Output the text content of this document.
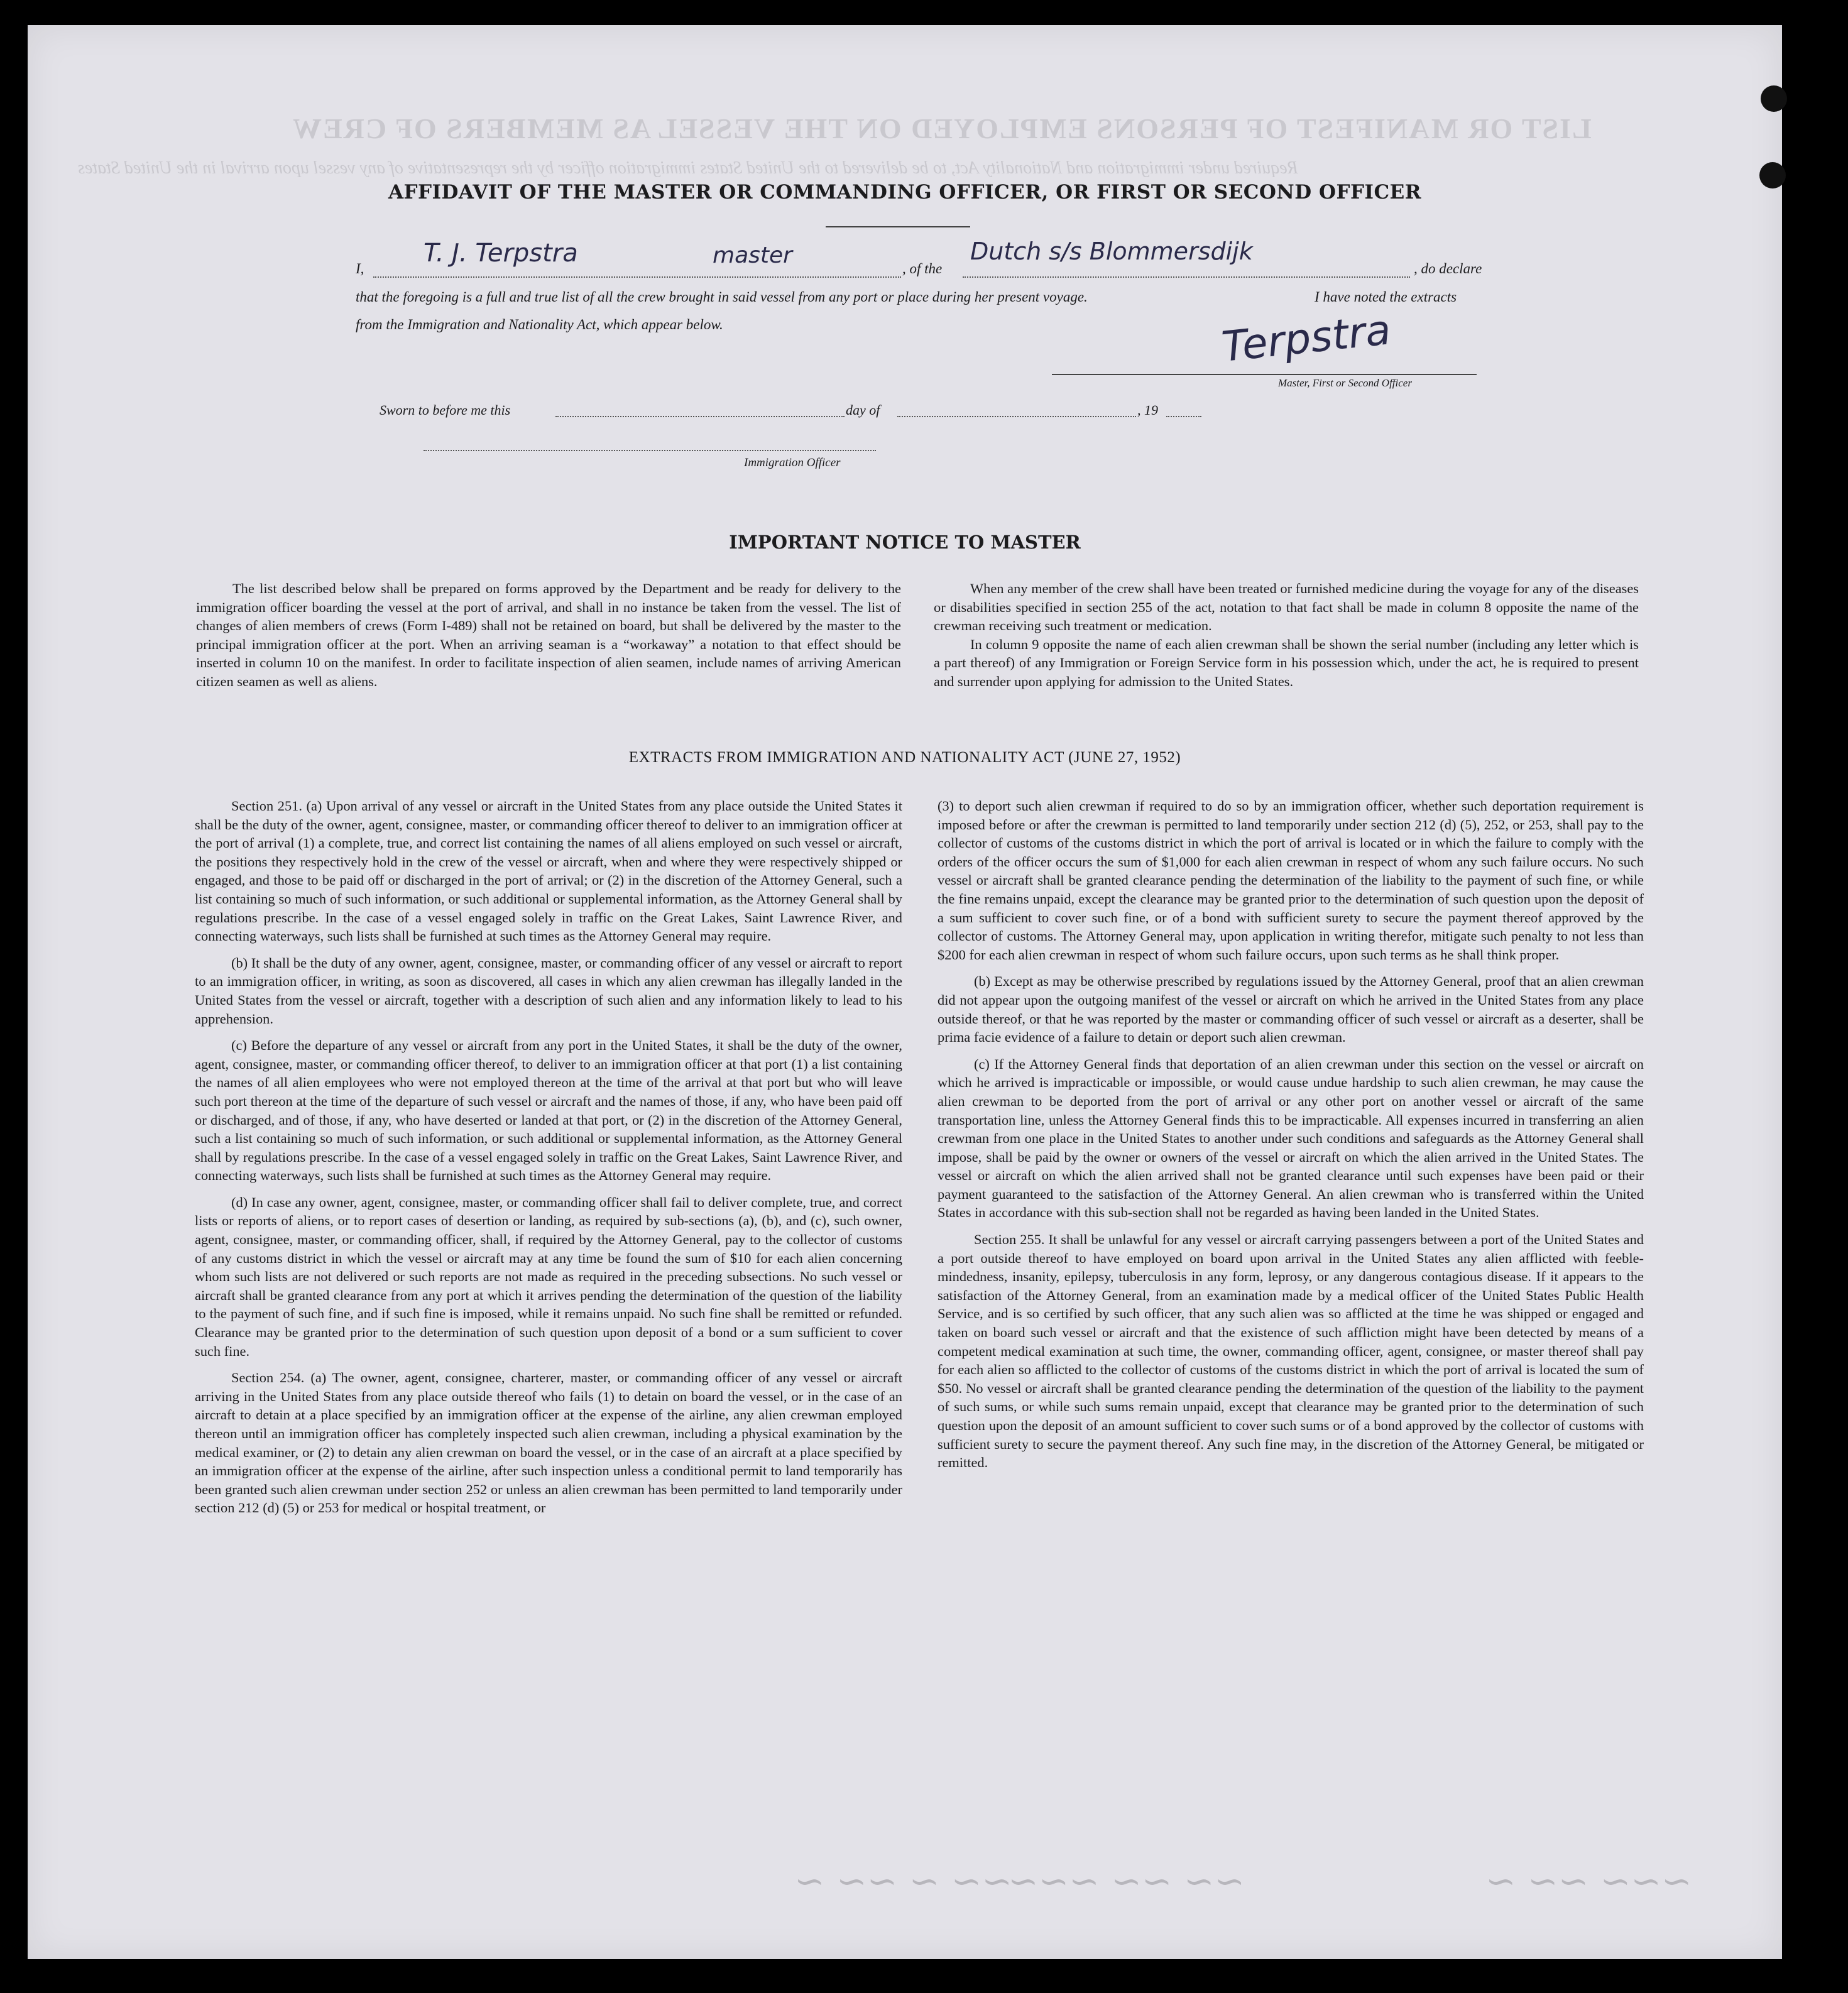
LIST OR MANIFEST OF PERSONS EMPLOYED ON THE VESSEL AS MEMBERS OF CREW
Required under immigration and Nationality Act, to be delivered to the United States immigration officer by the representative of any vessel upon arrival in the United States
AFFIDAVIT OF THE MASTER OR COMMANDING OFFICER, OR FIRST OR SECOND OFFICER
I,
T. J. Terpstra	master
, of the
Dutch s/s Blommersdijk
, do declare
that the foregoing is a full and true list of all the crew brought in said vessel from any port or place during her present voyage.	I have noted the extracts
from the Immigration and Nationality Act, which appear below.	Terpstra
Master, First or Second Officer
Sworn to before me this	day of	, 19
Immigration Officer
IMPORTANT NOTICE TO MASTER

The list described below shall be prepared on forms approved by the Department and be ready for delivery to the immigration officer boarding the vessel at the port of arrival, and shall in no instance be taken from the vessel. The list of changes of alien members of crews (Form I-489) shall not be retained on board, but shall be delivered by the master to the principal immigration officer at the port. When an arriving seaman is a “workaway” a notation to that effect should be inserted in column 10 on the manifest. In order to facilitate inspection of alien seamen, include names of arriving American citizen seamen as well as aliens.

When any member of the crew shall have been treated or furnished medicine during the voyage for any of the diseases or disabilities specified in section 255 of the act, notation to that fact shall be made in column 8 opposite the name of the crewman receiving such treatment or medication.

In column 9 opposite the name of each alien crewman shall be shown the serial number (including any letter which is a part thereof) of any Immigration or Foreign Service form in his possession which, under the act, he is required to present and surrender upon applying for admission to the United States.

EXTRACTS FROM IMMIGRATION AND NATIONALITY ACT (JUNE 27, 1952)

Section 251. (a) Upon arrival of any vessel or aircraft in the United States from any place outside the United States it shall be the duty of the owner, agent, consignee, master, or commanding officer thereof to deliver to an immigration officer at the port of arrival (1) a complete, true, and correct list containing the names of all aliens employed on such vessel or aircraft, the positions they respectively hold in the crew of the vessel or aircraft, when and where they were respectively shipped or engaged, and those to be paid off or discharged in the port of arrival; or (2) in the discretion of the Attorney General, such a list containing so much of such information, or such additional or supplemental information, as the Attorney General shall by regulations prescribe. In the case of a vessel engaged solely in traffic on the Great Lakes, Saint Lawrence River, and connecting waterways, such lists shall be furnished at such times as the Attorney General may require.

(b) It shall be the duty of any owner, agent, consignee, master, or commanding officer of any vessel or aircraft to report to an immigration officer, in writing, as soon as discovered, all cases in which any alien crewman has illegally landed in the United States from the vessel or aircraft, together with a description of such alien and any information likely to lead to his apprehension.

(c) Before the departure of any vessel or aircraft from any port in the United States, it shall be the duty of the owner, agent, consignee, master, or commanding officer thereof, to deliver to an immigration officer at that port (1) a list containing the names of all alien employees who were not employed thereon at the time of the arrival at that port but who will leave such port thereon at the time of the departure of such vessel or aircraft and the names of those, if any, who have been paid off or discharged, and of those, if any, who have deserted or landed at that port, or (2) in the discretion of the Attorney General, such a list containing so much of such information, or such additional or supplemental information, as the Attorney General shall by regulations prescribe. In the case of a vessel engaged solely in traffic on the Great Lakes, Saint Lawrence River, and connecting waterways, such lists shall be furnished at such times as the Attorney General may require.

(d) In case any owner, agent, consignee, master, or commanding officer shall fail to deliver complete, true, and correct lists or reports of aliens, or to report cases of desertion or landing, as required by sub-sections (a), (b), and (c), such owner, agent, consignee, master, or commanding officer, shall, if required by the Attorney General, pay to the collector of customs of any customs district in which the vessel or aircraft may at any time be found the sum of $10 for each alien concerning whom such lists are not delivered or such reports are not made as required in the preceding subsections. No such vessel or aircraft shall be granted clearance from any port at which it arrives pending the determination of the question of the liability to the payment of such fine, and if such fine is imposed, while it remains unpaid. No such fine shall be remitted or refunded. Clearance may be granted prior to the determination of such question upon deposit of a bond or a sum sufficient to cover such fine.

Section 254. (a) The owner, agent, consignee, charterer, master, or commanding officer of any vessel or aircraft arriving in the United States from any place outside thereof who fails (1) to detain on board the vessel, or in the case of an aircraft to detain at a place specified by an immigration officer at the expense of the airline, any alien crewman employed thereon until an immigration officer has completely inspected such alien crewman, including a physical examination by the medical examiner, or (2) to detain any alien crewman on board the vessel, or in the case of an aircraft at a place specified by an immigration officer at the expense of the airline, after such inspection unless a conditional permit to land temporarily has been granted such alien crewman under section 252 or unless an alien crewman has been permitted to land temporarily under section 212 (d) (5) or 253 for medical or hospital treatment, or

(3) to deport such alien crewman if required to do so by an immigration officer, whether such deportation requirement is imposed before or after the crewman is permitted to land temporarily under section 212 (d) (5), 252, or 253, shall pay to the collector of customs of the customs district in which the port of arrival is located or in which the failure to comply with the orders of the officer occurs the sum of $1,000 for each alien crewman in respect of whom any such failure occurs. No such vessel or aircraft shall be granted clearance pending the determination of the liability to the payment of such fine, or while the fine remains unpaid, except the clearance may be granted prior to the determination of such question upon the deposit of a sum sufficient to cover such fine, or of a bond with sufficient surety to secure the payment thereof approved by the collector of customs. The Attorney General may, upon application in writing therefor, mitigate such penalty to not less than $200 for each alien crewman in respect of whom such failure occurs, upon such terms as he shall think proper.

(b) Except as may be otherwise prescribed by regulations issued by the Attorney General, proof that an alien crewman did not appear upon the outgoing manifest of the vessel or aircraft on which he arrived in the United States from any place outside thereof, or that he was reported by the master or commanding officer of such vessel or aircraft as a deserter, shall be prima facie evidence of a failure to detain or deport such alien crewman.

(c) If the Attorney General finds that deportation of an alien crewman under this section on the vessel or aircraft on which he arrived is impracticable or impossible, or would cause undue hardship to such alien crewman, he may cause the alien crewman to be deported from the port of arrival or any other port on another vessel or aircraft of the same transportation line, unless the Attorney General finds this to be impracticable. All expenses incurred in transferring an alien crewman from one place in the United States to another under such conditions and safeguards as the Attorney General shall impose, shall be paid by the owner or owners of the vessel or aircraft on which the alien arrived in the United States. The vessel or aircraft on which the alien arrived shall not be granted clearance until such expenses have been paid or their payment guaranteed to the satisfaction of the Attorney General. An alien crewman who is transferred within the United States in accordance with this sub-section shall not be regarded as having been landed in the United States.

Section 255. It shall be unlawful for any vessel or aircraft carrying passengers between a port of the United States and a port outside thereof to have employed on board upon arrival in the United States any alien afflicted with feeble-mindedness, insanity, epilepsy, tuberculosis in any form, leprosy, or any dangerous contagious disease. If it appears to the satisfaction of the Attorney General, from an examination made by a medical officer of the United States Public Health Service, and is so certified by such officer, that any such alien was so afflicted at the time he was shipped or engaged and taken on board such vessel or aircraft and that the existence of such affliction might have been detected by means of a competent medical examination at such time, the owner, commanding officer, agent, consignee, or master thereof shall pay for each alien so afflicted to the collector of customs of the customs district in which the port of arrival is located the sum of $50. No vessel or aircraft shall be granted clearance pending the determination of the question of the liability to the payment of such sums, or while such sums remain unpaid, except that clearance may be granted prior to the determination of such question upon the deposit of an amount sufficient to cover such sums or of a bond approved by the collector of customs with sufficient surety to secure the payment thereof. Any such fine may, in the discretion of the Attorney General, be mitigated or remitted.

~~ ~ ~~ ~
~~ ~~ ~~~	~~~ ~~ ~
